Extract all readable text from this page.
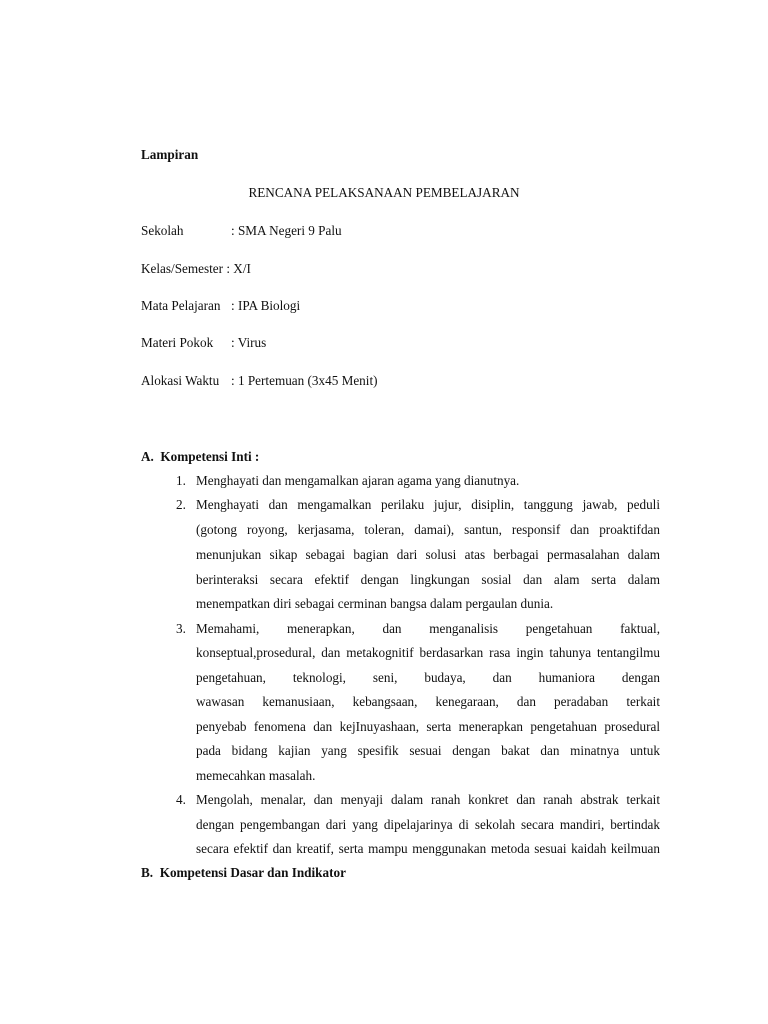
Lampiran
RENCANA PELAKSANAAN PEMBELAJARAN
Sekolah	: SMA Negeri 9 Palu
Kelas/Semester : X/I
Mata Pelajaran : IPA Biologi
Materi Pokok : Virus
Alokasi Waktu : 1 Pertemuan (3x45 Menit)
A. Kompetensi Inti :
1. Menghayati dan mengamalkan ajaran agama yang dianutnya.
2. Menghayati dan mengamalkan perilaku jujur, disiplin, tanggung jawab, peduli
(gotong royong, kerjasama, toleran, damai), santun, responsif dan proaktifdan
menunjukan sikap sebagai bagian dari solusi atas berbagai permasalahan dalam
berinteraksi secara efektif dengan lingkungan sosial dan alam serta dalam
menempatkan diri sebagai cerminan bangsa dalam pergaulan dunia.
3. Memahami, menerapkan, dan menganalisis pengetahuan faktual,
konseptual,prosedural, dan metakognitif berdasarkan rasa ingin tahunya tentangilmu
pengetahuan, teknologi, seni, budaya, dan humaniora dengan
wawasan kemanusiaan, kebangsaan, kenegaraan, dan peradaban terkait
penyebab fenomena dan kejInuyashaan, serta menerapkan pengetahuan prosedural
pada bidang kajian yang spesifik sesuai dengan bakat dan minatnya untuk
memecahkan masalah.
4. Mengolah, menalar, dan menyaji dalam ranah konkret dan ranah abstrak terkait
dengan pengembangan dari yang dipelajarinya di sekolah secara mandiri, bertindak
secara efektif dan kreatif, serta mampu menggunakan metoda sesuai kaidah keilmuan
B. Kompetensi Dasar dan Indikator
